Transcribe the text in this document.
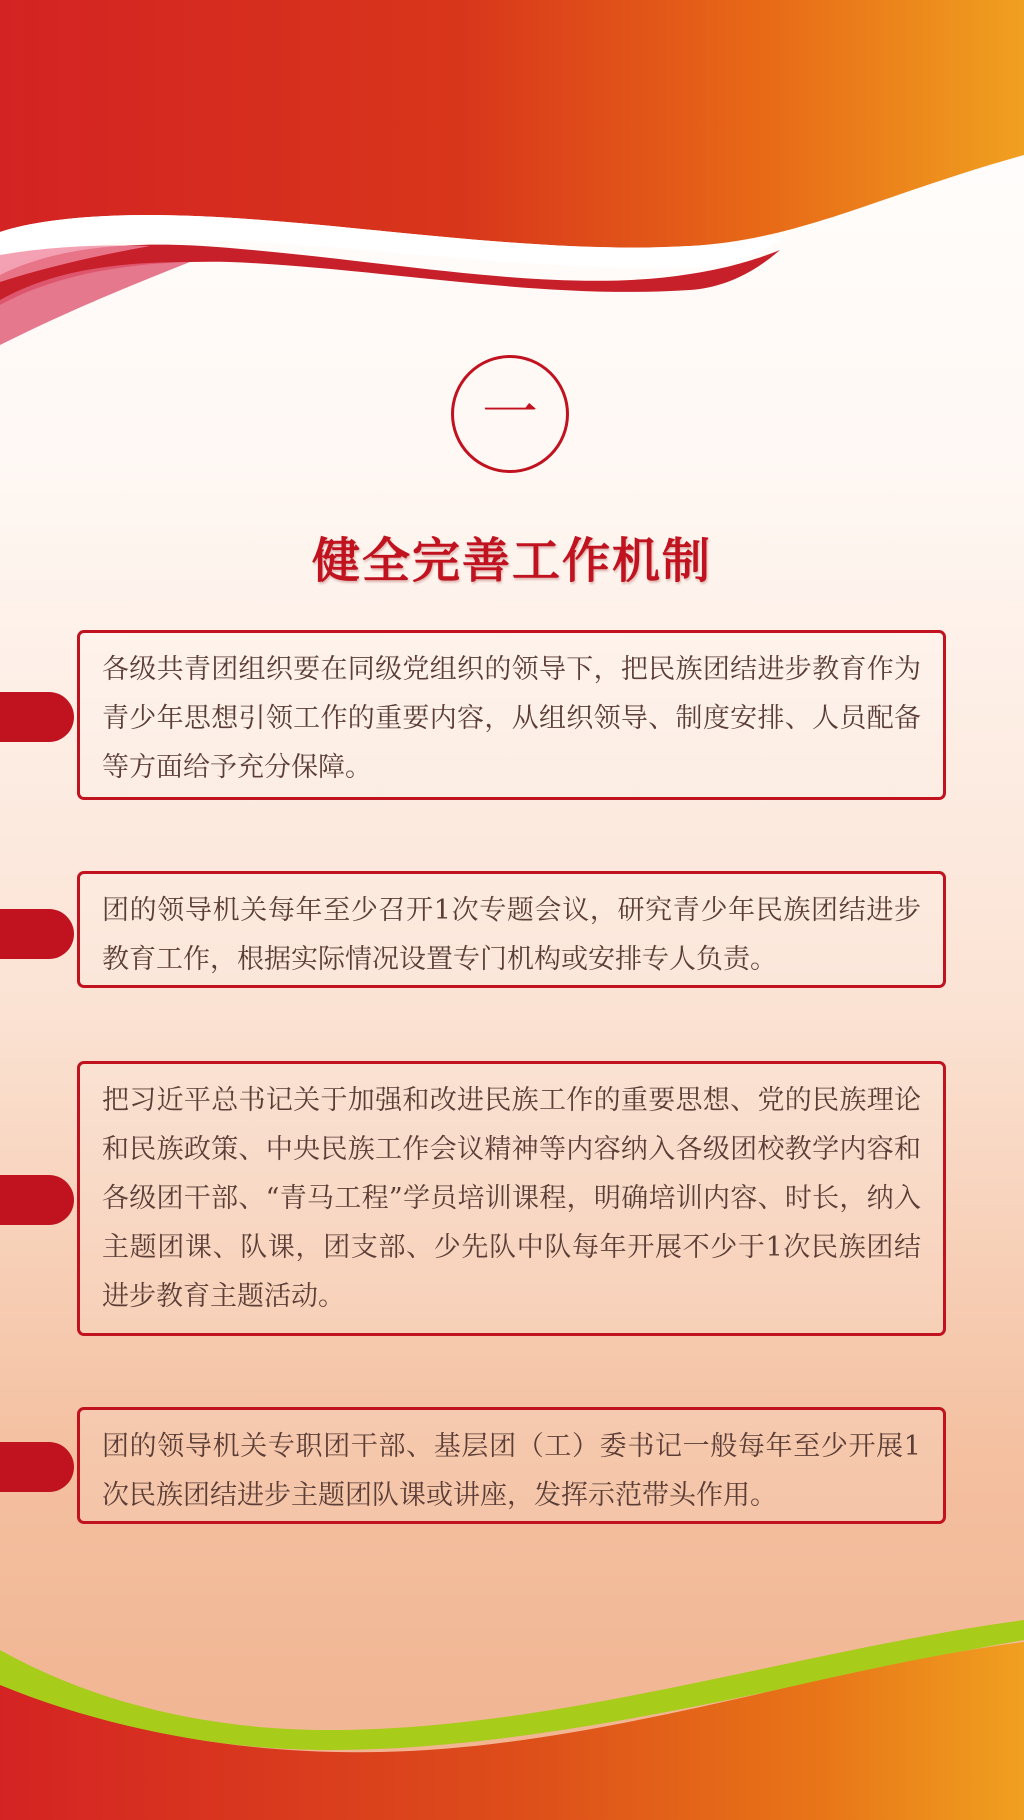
一
健全完善工作机制
各级共青团组织要在同级党组织的领导下，把民族团结进步教育作为青少年思想引领工作的重要内容，从组织领导、制度安排、人员配备等方面给予充分保障。
团的领导机关每年至少召开1次专题会议，研究青少年民族团结进步教育工作，根据实际情况设置专门机构或安排专人负责。
把习近平总书记关于加强和改进民族工作的重要思想、党的民族理论和民族政策、中央民族工作会议精神等内容纳入各级团校教学内容和各级团干部、“青马工程”学员培训课程，明确培训内容、时长，纳入主题团课、队课，团支部、少先队中队每年开展不少于1次民族团结进步教育主题活动。
团的领导机关专职团干部、基层团（工）委书记一般每年至少开展1次民族团结进步主题团队课或讲座，发挥示范带头作用。
